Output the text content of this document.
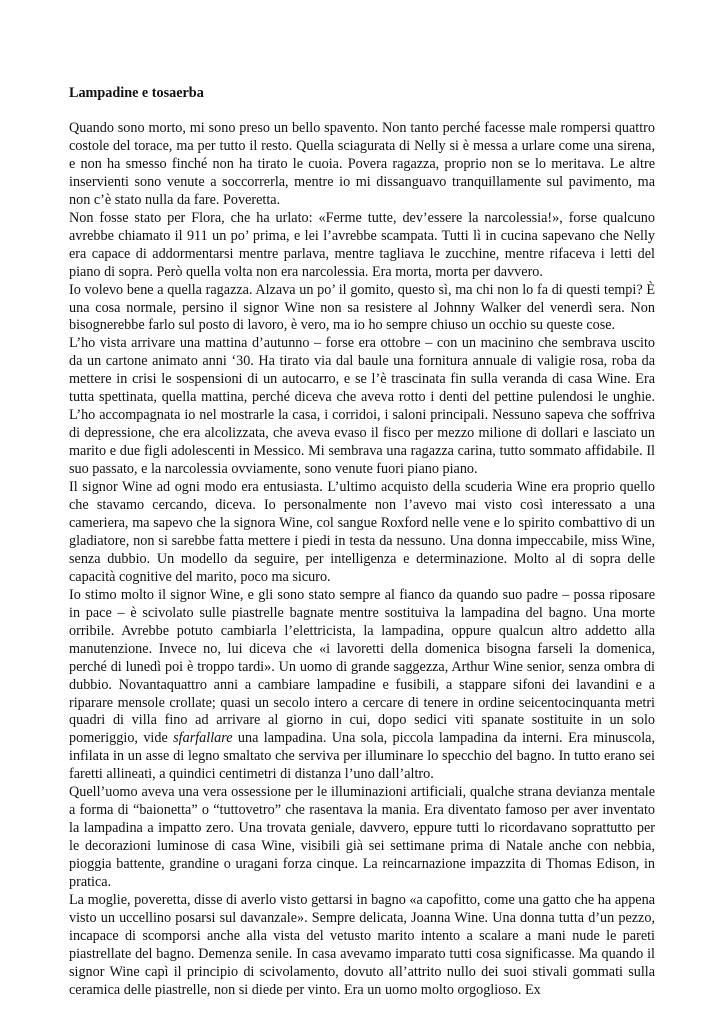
Lampadine e tosaerba

Quando sono morto, mi sono preso un bello spavento. Non tanto perché facesse male rompersi quattro costole del torace, ma per tutto il resto. Quella sciagurata di Nelly si è messa a urlare come una sirena, e non ha smesso finché non ha tirato le cuoia. Povera ragazza, proprio non se lo meritava. Le altre inservienti sono venute a soccorrerla, mentre io mi dissanguavo tranquillamente sul pavimento, ma non c’è stato nulla da fare. Poveretta.

Non fosse stato per Flora, che ha urlato: «Ferme tutte, dev’essere la narcolessia!», forse qualcuno avrebbe chiamato il 911 un po’ prima, e lei l’avrebbe scampata. Tutti lì in cucina sapevano che Nelly era capace di addormentarsi mentre parlava, mentre tagliava le zucchine, mentre rifaceva i letti del piano di sopra. Però quella volta non era narcolessia. Era morta, morta per davvero.

Io volevo bene a quella ragazza. Alzava un po’ il gomito, questo sì, ma chi non lo fa di questi tempi? È una cosa normale, persino il signor Wine non sa resistere al Johnny Walker del venerdì sera. Non bisognerebbe farlo sul posto di lavoro, è vero, ma io ho sempre chiuso un occhio su queste cose.

L’ho vista arrivare una mattina d’autunno – forse era ottobre – con un macinino che sembrava uscito da un cartone animato anni ‘30. Ha tirato via dal baule una fornitura annuale di valigie rosa, roba da mettere in crisi le sospensioni di un autocarro, e se l’è trascinata fin sulla veranda di casa Wine. Era tutta spettinata, quella mattina, perché diceva che aveva rotto i denti del pettine pulendosi le unghie. L’ho accompagnata io nel mostrarle la casa, i corridoi, i saloni principali. Nessuno sapeva che soffriva di depressione, che era alcolizzata, che aveva evaso il fisco per mezzo milione di dollari e lasciato un marito e due figli adolescenti in Messico. Mi sembrava una ragazza carina, tutto sommato affidabile. Il suo passato, e la narcolessia ovviamente, sono venute fuori piano piano.

Il signor Wine ad ogni modo era entusiasta. L’ultimo acquisto della scuderia Wine era proprio quello che stavamo cercando, diceva. Io personalmente non l’avevo mai visto così interessato a una cameriera, ma sapevo che la signora Wine, col sangue Roxford nelle vene e lo spirito combattivo di un gladiatore, non si sarebbe fatta mettere i piedi in testa da nessuno. Una donna impeccabile, miss Wine, senza dubbio. Un modello da seguire, per intelligenza e determinazione. Molto al di sopra delle capacità cognitive del marito, poco ma sicuro.

Io stimo molto il signor Wine, e gli sono stato sempre al fianco da quando suo padre – possa riposare in pace – è scivolato sulle piastrelle bagnate mentre sostituiva la lampadina del bagno. Una morte orribile. Avrebbe potuto cambiarla l’elettricista, la lampadina, oppure qualcun altro addetto alla manutenzione. Invece no, lui diceva che «i lavoretti della domenica bisogna farseli la domenica, perché di lunedì poi è troppo tardi». Un uomo di grande saggezza, Arthur Wine senior, senza ombra di dubbio. Novantaquattro anni a cambiare lampadine e fusibili, a stappare sifoni dei lavandini e a riparare mensole crollate; quasi un secolo intero a cercare di tenere in ordine seicentocinquanta metri quadri di villa fino ad arrivare al giorno in cui, dopo sedici viti spanate sostituite in un solo pomeriggio, vide sfarfallare una lampadina. Una sola, piccola lampadina da interni. Era minuscola, infilata in un asse di legno smaltato che serviva per illuminare lo specchio del bagno. In tutto erano sei faretti allineati, a quindici centimetri di distanza l’uno dall’altro.

Quell’uomo aveva una vera ossessione per le illuminazioni artificiali, qualche strana devianza mentale a forma di “baionetta” o “tuttovetro” che rasentava la mania. Era diventato famoso per aver inventato la lampadina a impatto zero. Una trovata geniale, davvero, eppure tutti lo ricordavano soprattutto per le decorazioni luminose di casa Wine, visibili già sei settimane prima di Natale anche con nebbia, pioggia battente, grandine o uragani forza cinque. La reincarnazione impazzita di Thomas Edison, in pratica.

La moglie, poveretta, disse di averlo visto gettarsi in bagno «a capofitto, come una gatto che ha appena visto un uccellino posarsi sul davanzale». Sempre delicata, Joanna Wine. Una donna tutta d’un pezzo, incapace di scomporsi anche alla vista del vetusto marito intento a scalare a mani nude le pareti piastrellate del bagno. Demenza senile. In casa avevamo imparato tutti cosa significasse. Ma quando il signor Wine capì il principio di scivolamento, dovuto all’attrito nullo dei suoi stivali gommati sulla ceramica delle piastrelle, non si diede per vinto. Era un uomo molto orgoglioso. Ex
